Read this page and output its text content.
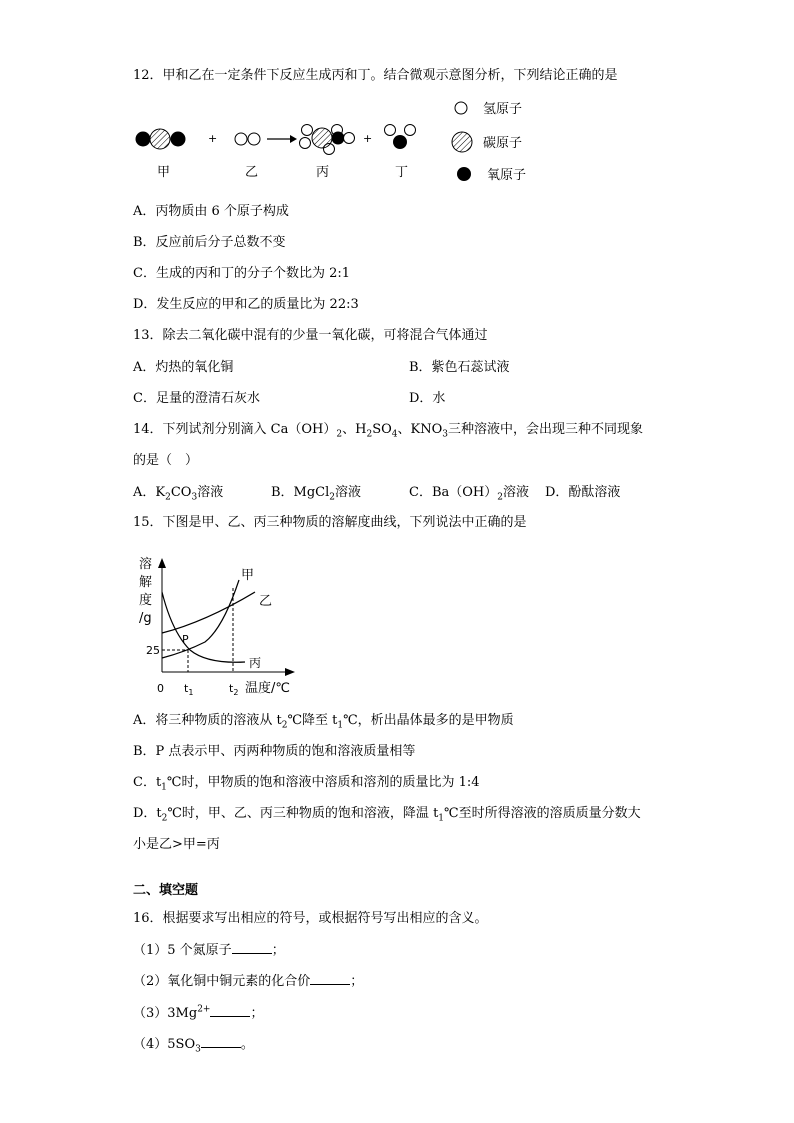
12．甲和乙在一定条件下反应生成丙和丁。结合微观示意图分析，下列结论正确的是
+	+
甲	乙	丙	丁
氢原子
碳原子
氧原子
A．丙物质由 6 个原子构成
B．反应前后分子总数不变
C．生成的丙和丁的分子个数比为 2:1
D．发生反应的甲和乙的质量比为 22:3
13．除去二氧化碳中混有的少量一氧化碳，可将混合气体通过
A．灼热的氧化铜	B．紫色石蕊试液
C．足量的澄清石灰水	D．水
14．下列试剂分别滴入 $Ca(OH)_2$、$H_2SO_4$、$KNO_3$三种溶液中，会出现三种不同现象
的是（　）
A．$K_2CO_3$溶液	B．MgCl$_2$溶液	C．$Ba(OH)_2$溶液 D．酚酞溶液
15．下图是甲、乙、丙三种物质的溶解度曲线，下列说法中正确的是
溶
解
度
/g
甲
乙
丙
P
25
0 $t_1$	$t_2$ 温度/℃
A．将三种物质的溶液从 $t_2℃$降至 $t_1℃$，析出晶体最多的是甲物质
B．P 点表示甲、丙两种物质的饱和溶液质量相等
C．$t_1℃$时，甲物质的饱和溶液中溶质和溶剂的质量比为 1:4
D．$t_2℃$时，甲、乙、丙三种物质的饱和溶液，降温 $t_1℃$至时所得溶液的溶质质量分数大
小是乙>甲=丙
二、填空题
16．根据要求写出相应的符号，或根据符号写出相应的含义。
（1）5 个氮原子	；
（2）氧化铜中铜元素的化合价	；
$(3)3Mg^{2+}$	；
$(4)5SO_3$	。
